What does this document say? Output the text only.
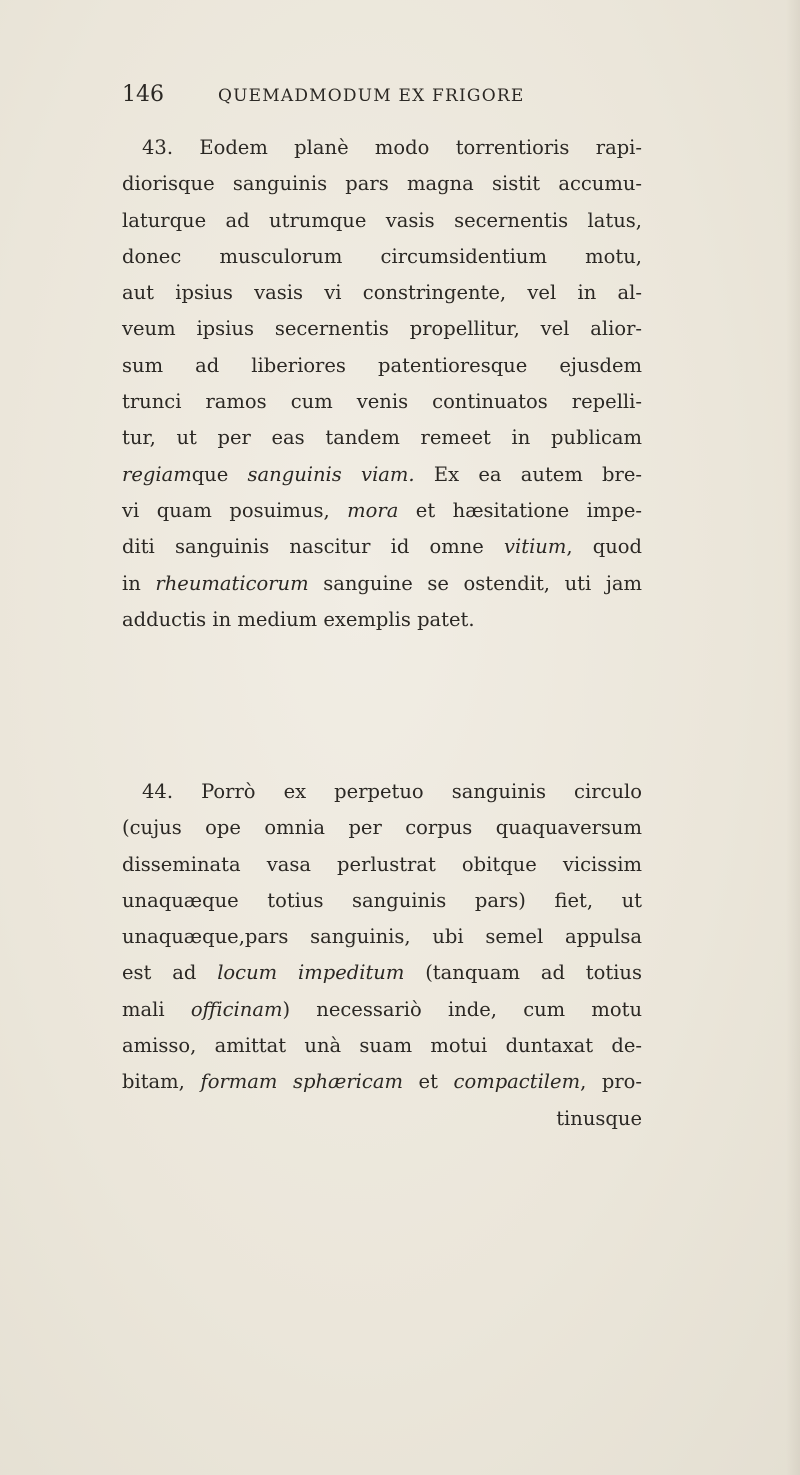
146	QUEMADMODUM EX FRIGORE
43. Eodem planè modo torrentioris rapi-
diorisque sanguinis pars magna sistit accumu-
laturque ad utrumque vasis secernentis latus,
donec musculorum circumsidentium motu,
aut ipsius vasis vi constringente, vel in al-
veum ipsius secernentis propellitur, vel alior-
sum ad liberiores patentioresque ejusdem
trunci ramos cum venis continuatos repelli-
tur, ut per eas tandem remeet in publicam
regiamque sanguinis viam. Ex ea autem bre-
vi quam posuimus, mora et hæsitatione impe-
diti sanguinis nascitur id omne vitium, quod
in rheumaticorum sanguine se ostendit, uti jam
adductis in medium exemplis patet.
44. Porrò ex perpetuo sanguinis circulo
(cujus ope omnia per corpus quaquaversum
disseminata vasa perlustrat obitque vicissim
unaquæque totius sanguinis pars) fiet, ut
unaquæque,pars sanguinis, ubi semel appulsa
est ad locum impeditum (tanquam ad totius
mali officinam) necessariò inde, cum motu
amisso, amittat unà suam motui duntaxat de-
bitam, formam sphæricam et compactilem, pro-
tinusque
